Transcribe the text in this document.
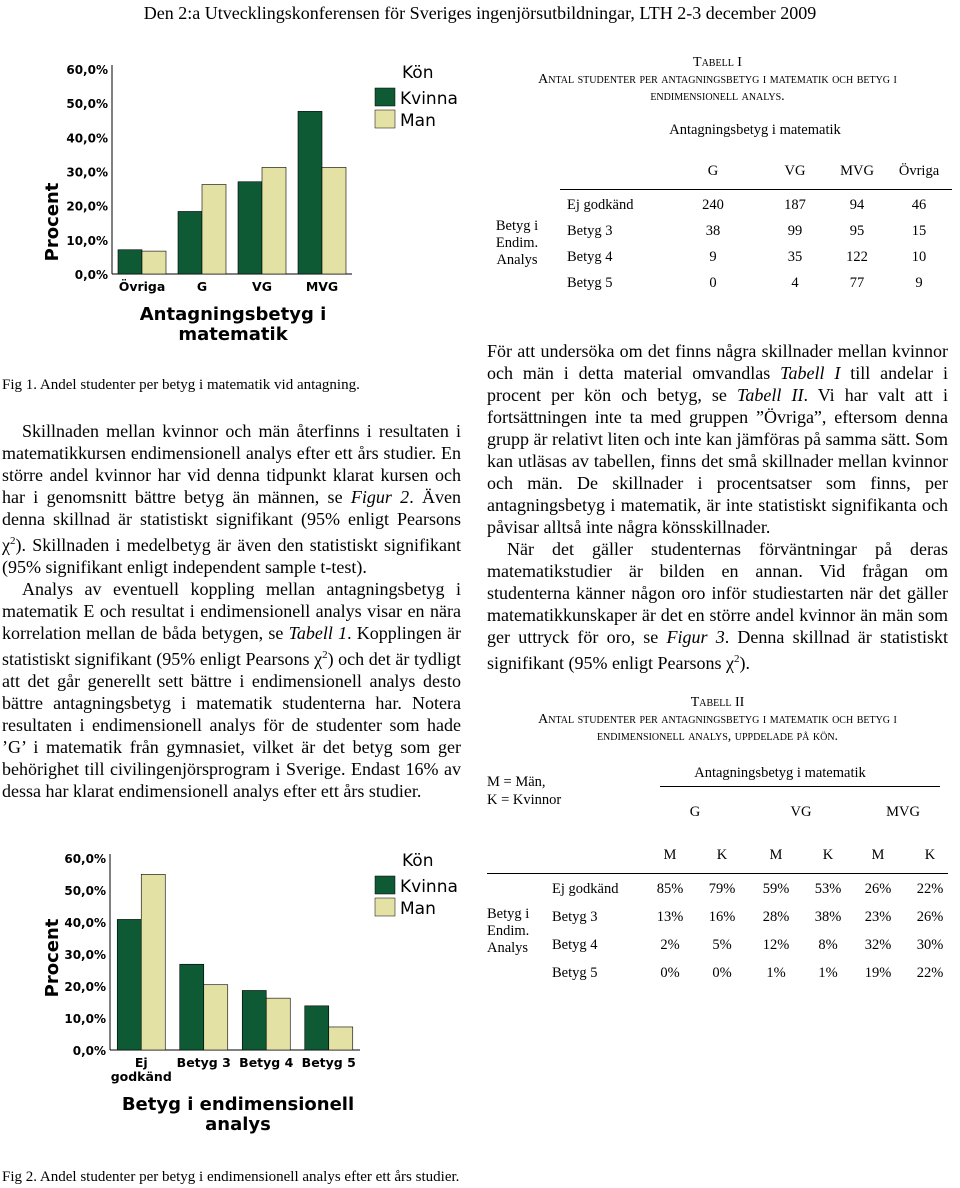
Den 2:a Utvecklingskonferensen för Sveriges ingenjörsutbildningar, LTH 2-3 december 2009
Procent
0,0%
10,0%
20,0%
30,0%
40,0%
50,0%
60,0%
Övriga	G	VG	MVG
Antagningsbetyg i
matematik
Kön
Kvinna
Man
Fig 1. Andel studenter per betyg i matematik vid antagning.
Tabell I
Antal studenter per antagningsbetyg i matematik och betyg i
endimensionell analys.
Antagningsbetyg i matematik
G	VG	MVG	Övriga
Betyg i
Endim.
Analys
Ej godkänd	240	187	94	46
Betyg 3	38	99	95	15
Betyg 4	9	35	122	10
Betyg 5	0	4	77	9

Skillnaden mellan kvinnor och män återfinns i resultaten i matematikkursen endimensionell analys efter ett års studier. En större andel kvinnor har vid denna tidpunkt klarat kursen och har i genomsnitt bättre betyg än männen, se Figur 2. Även denna skillnad är statistiskt signifikant (95% enligt Pearsons $\chi^2$). Skillnaden i medelbetyg är även den statistiskt signifikant (95% signifikant enligt independent sample t-test).

Analys av eventuell koppling mellan antagningsbetyg i matematik E och resultat i endimensionell analys visar en nära korrelation mellan de båda betygen, se Tabell 1. Kopplingen är statistiskt signifikant (95% enligt Pearsons $\chi^2$) och det är tydligt att det går generellt sett bättre i endimensionell analys desto bättre antagningsbetyg i matematik studenterna har. Notera resultaten i endimensionell analys för de studenter som hade ’G’ i matematik från gymnasiet, vilket är det betyg som ger behörighet till civilingenjörsprogram i Sverige. Endast 16% av dessa har klarat endimensionell analys efter ett års studier.

För att undersöka om det finns några skillnader mellan kvinnor och män i detta material omvandlas Tabell I till andelar i procent per kön och betyg, se Tabell II. Vi har valt att i fortsättningen inte ta med gruppen ”Övriga”, eftersom denna grupp är relativt liten och inte kan jämföras på samma sätt. Som kan utläsas av tabellen, finns det små skillnader mellan kvinnor och män. De skillnader i procentsatser som finns, per antagningsbetyg i matematik, är inte statistiskt signifikanta och påvisar alltså inte några könsskillnader.

När det gäller studenternas förväntningar på deras matematikstudier är bilden en annan. Vid frågan om studenterna känner någon oro inför studiestarten när det gäller matematikkunskaper är det en större andel kvinnor än män som ger uttryck för oro, se Figur 3. Denna skillnad är statistiskt signifikant (95% enligt Pearsons $\chi^2$).

Tabell II
Antal studenter per antagningsbetyg i matematik och betyg i
endimensionell analys, uppdelade på kön.
M = Män,
K = Kvinnor
Antagningsbetyg i matematik
G	VG	MVG
M	K	M	K	M	K
Betyg i
Endim.
Analys
Ej godkänd	85%	79%	59%	53%	26%	22%
Betyg 3	13%	16%	28%	38%	23%	26%
Betyg 4	2%	5%	12%	8%	32%	30%
Betyg 5	0%	0%	1%	1%	19%	22%
Procent
0,0%
10,0%
20,0%
30,0%
40,0%
50,0%
60,0%
Ej
godkänd
Betyg 3 Betyg 4 Betyg 5
Betyg i endimensionell
analys
Kön
Kvinna
Man
Fig 2. Andel studenter per betyg i endimensionell analys efter ett års studier.
